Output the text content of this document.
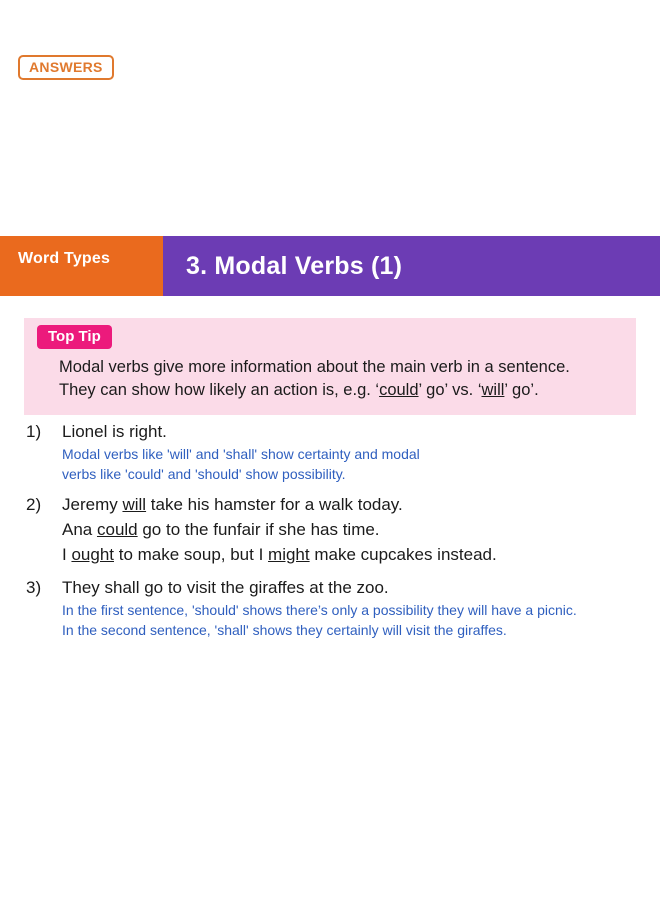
Word Types	3. Modal Verbs (1)
ANSWERS
Top Tip
Modal verbs give more information about the main verb in a sentence.
They can show how likely an action is, e.g. ‘could’ go’ vs. ‘will’ go’.
1)	Lionel is right.
Modal verbs like 'will' and 'shall' show certainty and modal
verbs like 'could' and 'should' show possibility.
2)	Jeremy will take his hamster for a walk today.
Ana could go to the funfair if she has time.
I ought to make soup, but I might make cupcakes instead.
3)	They shall go to visit the giraffes at the zoo.
In the first sentence, 'should' shows there’s only a possibility they will have a picnic.
In the second sentence, 'shall' shows they certainly will visit the giraffes.
